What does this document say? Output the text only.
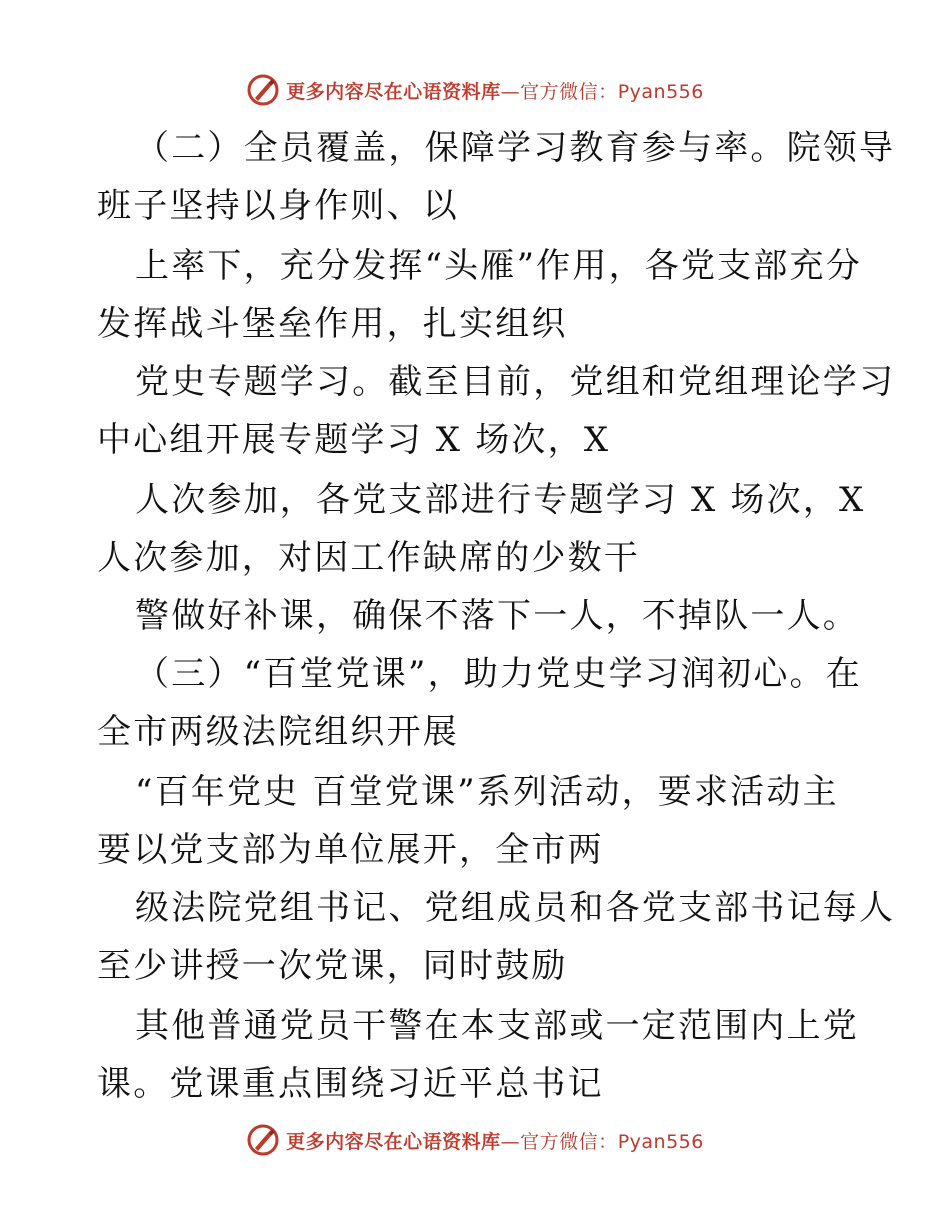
更多内容尽在心语资料库—官方微信：Pyan556
（二）全员覆盖，保障学习教育参与率。院领导
班子坚持以身作则、以
上率下，充分发挥“头雁”作用，各党支部充分
发挥战斗堡垒作用，扎实组织
党史专题学习。截至目前，党组和党组理论学习
中心组开展专题学习 X 场次，X
人次参加，各党支部进行专题学习 X 场次，X
人次参加，对因工作缺席的少数干
警做好补课，确保不落下一人，不掉队一人。
（三）“百堂党课”，助力党史学习润初心。在
全市两级法院组织开展
“百年党史 百堂党课”系列活动，要求活动主
要以党支部为单位展开，全市两
级法院党组书记、党组成员和各党支部书记每人
至少讲授一次党课，同时鼓励
其他普通党员干警在本支部或一定范围内上党
课。党课重点围绕习近平总书记
更多内容尽在心语资料库—官方微信：Pyan556
